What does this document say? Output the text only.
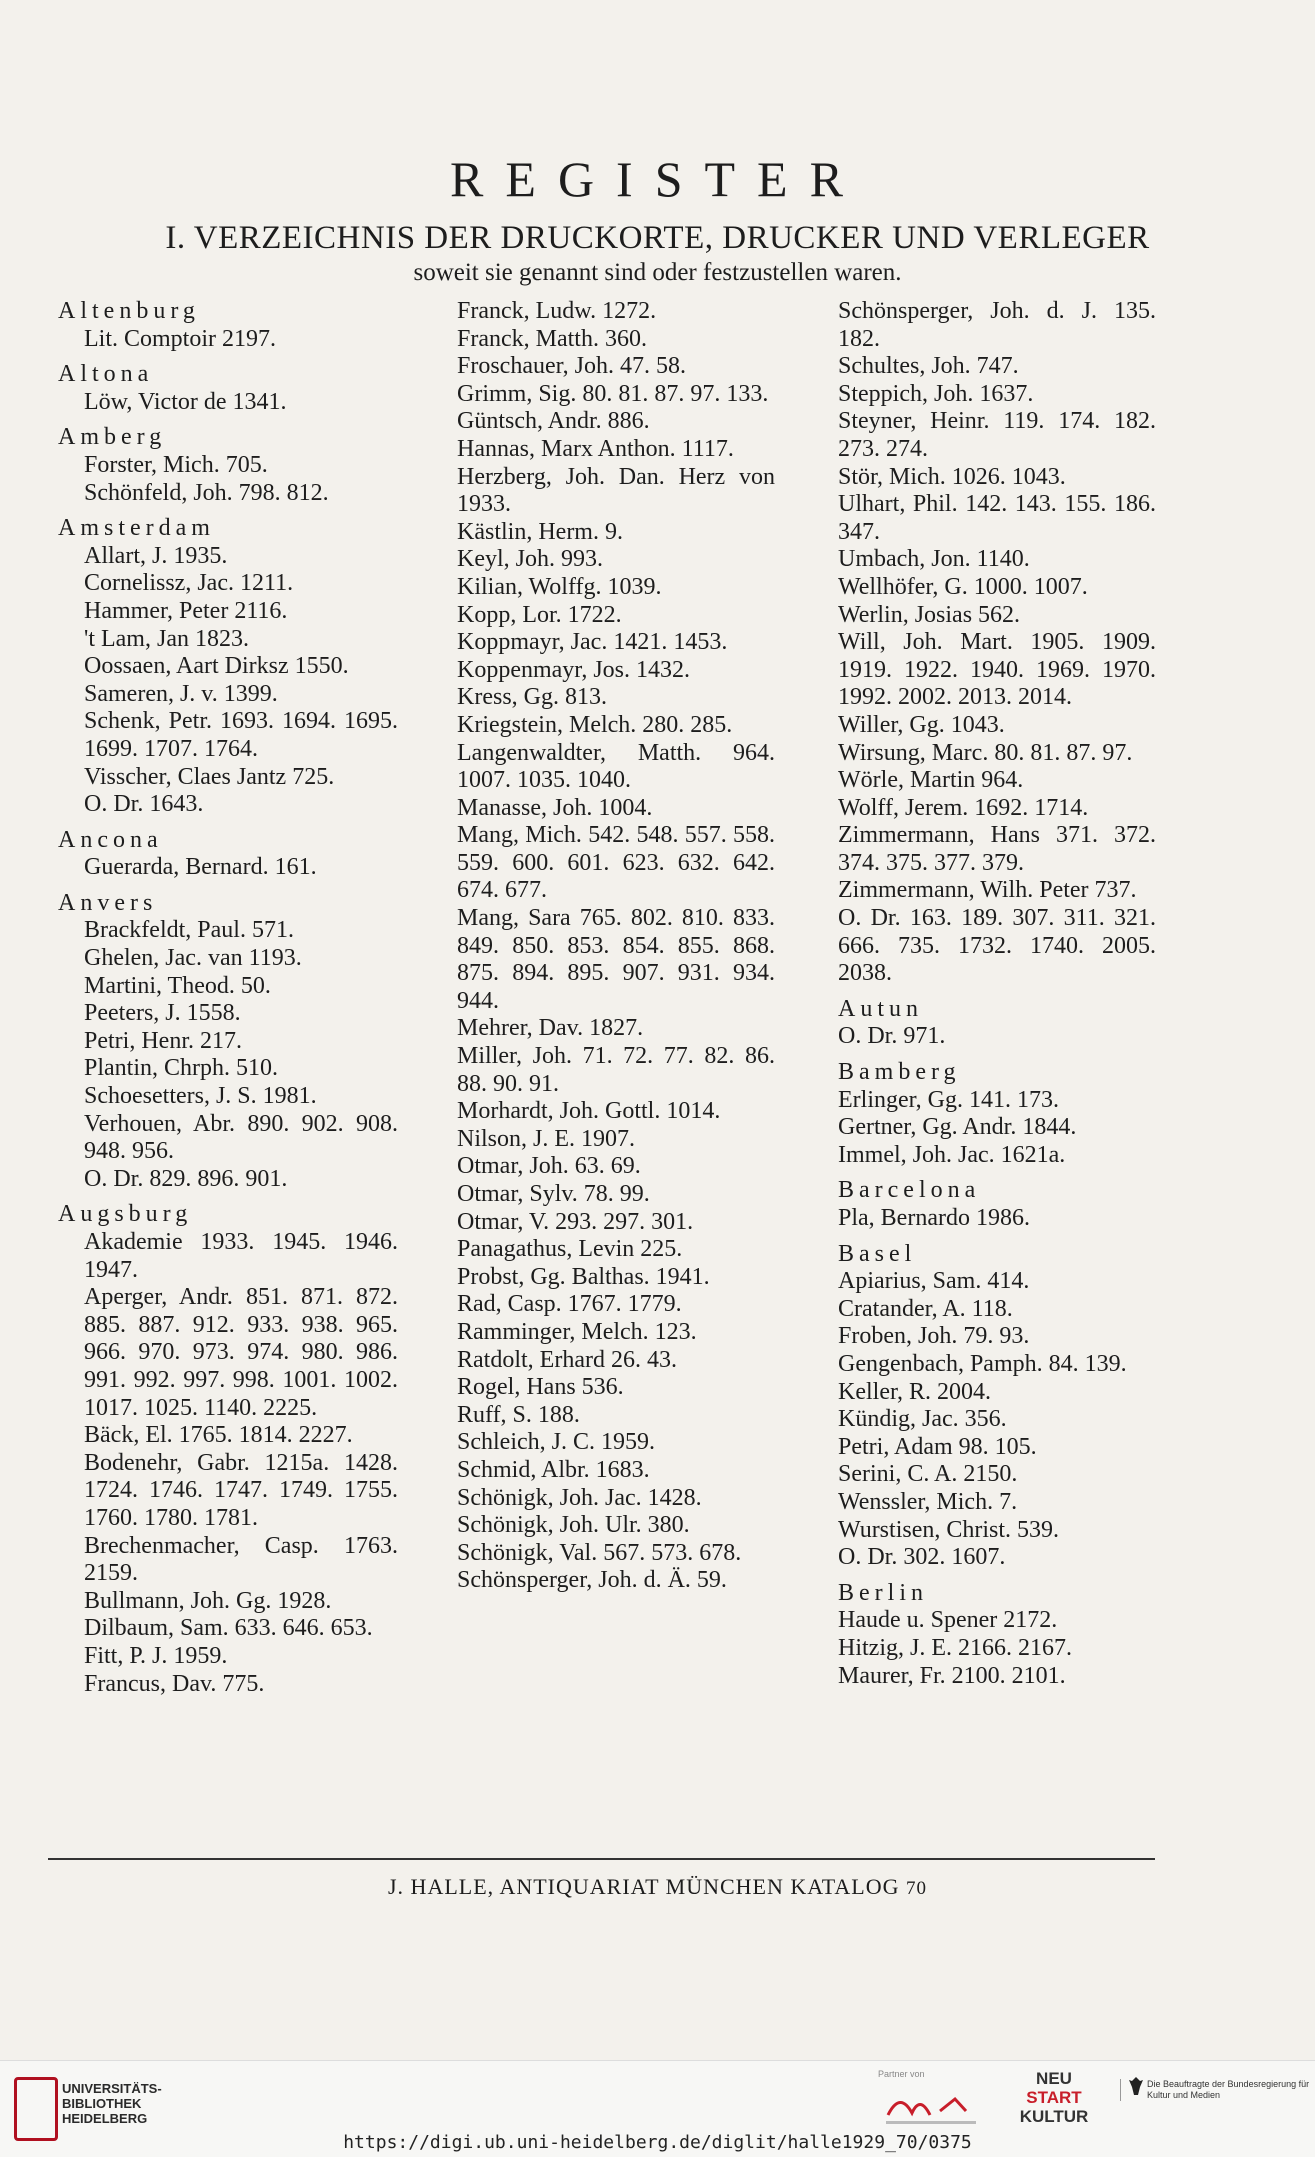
REGISTER
I. VERZEICHNIS DER DRUCKORTE, DRUCKER UND VERLEGER
soweit sie genannt sind oder festzustellen waren.
Altenburg
Lit. Comptoir 2197.
Altona
Löw, Victor de 1341.
Amberg
Forster, Mich. 705.
Schönfeld, Joh. 798. 812.
Amsterdam
Allart, J. 1935.
Cornelissz, Jac. 1211.
Hammer, Peter 2116.
't Lam, Jan 1823.
Oossaen, Aart Dirksz 1550.
Sameren, J. v. 1399.
Schenk, Petr. 1693. 1694. 1695. 1699. 1707. 1764.
Visscher, Claes Jantz 725.
O. Dr. 1643.
Ancona
Guerarda, Bernard. 161.
Anvers
Brackfeldt, Paul. 571.
Ghelen, Jac. van 1193.
Martini, Theod. 50.
Peeters, J. 1558.
Petri, Henr. 217.
Plantin, Chrph. 510.
Schoesetters, J. S. 1981.
Verhouen, Abr. 890. 902. 908. 948. 956.
O. Dr. 829. 896. 901.
Augsburg
Akademie 1933. 1945. 1946. 1947.
Aperger, Andr. 851. 871. 872. 885. 887. 912. 933. 938. 965. 966. 970. 973. 974. 980. 986. 991. 992. 997. 998. 1001. 1002. 1017. 1025. 1140. 2225.
Bäck, El. 1765. 1814. 2227.
Bodenehr, Gabr. 1215a. 1428. 1724. 1746. 1747. 1749. 1755. 1760. 1780. 1781.
Brechenmacher, Casp. 1763. 2159.
Bullmann, Joh. Gg. 1928.
Dilbaum, Sam. 633. 646. 653.
Fitt, P. J. 1959.
Francus, Dav. 775.
Franck, Ludw. 1272.
Franck, Matth. 360.
Froschauer, Joh. 47. 58.
Grimm, Sig. 80. 81. 87. 97. 133.
Güntsch, Andr. 886.
Hannas, Marx Anthon. 1117.
Herzberg, Joh. Dan. Herz von 1933.
Kästlin, Herm. 9.
Keyl, Joh. 993.
Kilian, Wolffg. 1039.
Kopp, Lor. 1722.
Koppmayr, Jac. 1421. 1453.
Koppenmayr, Jos. 1432.
Kress, Gg. 813.
Kriegstein, Melch. 280. 285.
Langenwaldter, Matth. 964. 1007. 1035. 1040.
Manasse, Joh. 1004.
Mang, Mich. 542. 548. 557. 558. 559. 600. 601. 623. 632. 642. 674. 677.
Mang, Sara 765. 802. 810. 833. 849. 850. 853. 854. 855. 868. 875. 894. 895. 907. 931. 934. 944.
Mehrer, Dav. 1827.
Miller, Joh. 71. 72. 77. 82. 86. 88. 90. 91.
Morhardt, Joh. Gottl. 1014.
Nilson, J. E. 1907.
Otmar, Joh. 63. 69.
Otmar, Sylv. 78. 99.
Otmar, V. 293. 297. 301.
Panagathus, Levin 225.
Probst, Gg. Balthas. 1941.
Rad, Casp. 1767. 1779.
Ramminger, Melch. 123.
Ratdolt, Erhard 26. 43.
Rogel, Hans 536.
Ruff, S. 188.
Schleich, J. C. 1959.
Schmid, Albr. 1683.
Schönigk, Joh. Jac. 1428.
Schönigk, Joh. Ulr. 380.
Schönigk, Val. 567. 573. 678.
Schönsperger, Joh. d. Ä. 59.
Schönsperger, Joh. d. J. 135. 182.
Schultes, Joh. 747.
Steppich, Joh. 1637.
Steyner, Heinr. 119. 174. 182. 273. 274.
Stör, Mich. 1026. 1043.
Ulhart, Phil. 142. 143. 155. 186. 347.
Umbach, Jon. 1140.
Wellhöfer, G. 1000. 1007.
Werlin, Josias 562.
Will, Joh. Mart. 1905. 1909. 1919. 1922. 1940. 1969. 1970. 1992. 2002. 2013. 2014.
Willer, Gg. 1043.
Wirsung, Marc. 80. 81. 87. 97.
Wörle, Martin 964.
Wolff, Jerem. 1692. 1714.
Zimmermann, Hans 371. 372. 374. 375. 377. 379.
Zimmermann, Wilh. Peter 737.
O. Dr. 163. 189. 307. 311. 321. 666. 735. 1732. 1740. 2005. 2038.
Autun
O. Dr. 971.
Bamberg
Erlinger, Gg. 141. 173.
Gertner, Gg. Andr. 1844.
Immel, Joh. Jac. 1621a.
Barcelona
Pla, Bernardo 1986.
Basel
Apiarius, Sam. 414.
Cratander, A. 118.
Froben, Joh. 79. 93.
Gengenbach, Pamph. 84. 139.
Keller, R. 2004.
Kündig, Jac. 356.
Petri, Adam 98. 105.
Serini, C. A. 2150.
Wenssler, Mich. 7.
Wurstisen, Christ. 539.
O. Dr. 302. 1607.
Berlin
Haude u. Spener 2172.
Hitzig, J. E. 2166. 2167.
Maurer, Fr. 2100. 2101.
J. HALLE, ANTIQUARIAT MÜNCHEN KATALOG 70
UNIVERSITÄTS-
BIBLIOTHEK
HEIDELBERG
Partner von	NEU
START
KULTUR
Die Beauftragte der Bundesregierung für Kultur und Medien
https://digi.ub.uni-heidelberg.de/diglit/halle1929_70/0375
